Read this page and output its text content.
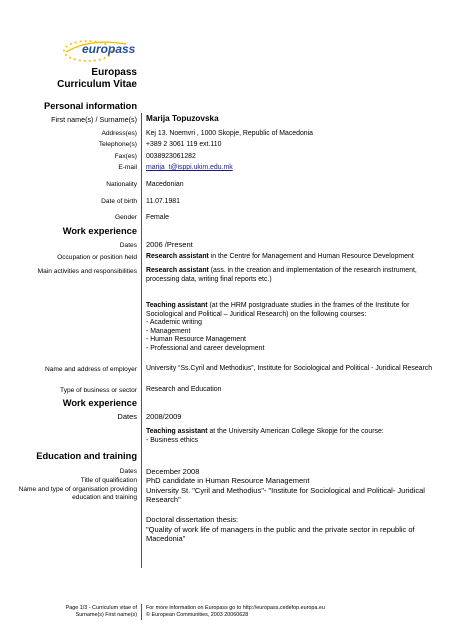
europass
Europass
Curriculum Vitae
Personal information
First name(s) / Surname(s) Marija Topuzovska
Address(es) Kej 13. Noemvri , 1000 Skopje, Republic of Macedonia
Telephone(s) +389 2 3061 119 ext.110
Fax(es) 0038923061282
E-mail marija_t@isppi.ukim.edu.mk
Nationality Macedonian
Date of birth 11.07.1981
Gender Female
Work experience
Dates 2006 /Present
Occupation or position held Research assistant in the Centre for Management and Human Resource Development
Main activities and responsibilities Research assistant (ass. in the creation and implementation of the research instrument, processing data, writing final reports etc.)
Teaching assistant (at the HRM postgraduate studies in the frames of the Institute for Sociological and Political – Juridical Research) on the following courses:
- Academic writing
- Management
- Human Resource Management
- Professional and career development
Name and address of employer University “Ss.Cyril and Methodius”, Institute for Sociological and Political - Juridical Research
Type of business or sector Research and Education
Work experience
Dates 2008/2009
Teaching assistant at the University American College Skopje for the course:
- Business ethics
Education and training
Dates December 2008
Title of qualification PhD candidate in Human Resource Management
Name and type of organisation providing education and training
University St. "Cyril and Methodius"- "Institute for Sociological and Political- Juridical Research"
Doctoral dissertation thesis:
"Quality of work life of managers in the public and the private sector in republic of Macedonia"
Page 1/3 - Curriculum vitae of
Surname(s) First name(s)
For more information on Europass go to http://europass.cedefop.europa.eu
© European Communities, 2003 20060628
